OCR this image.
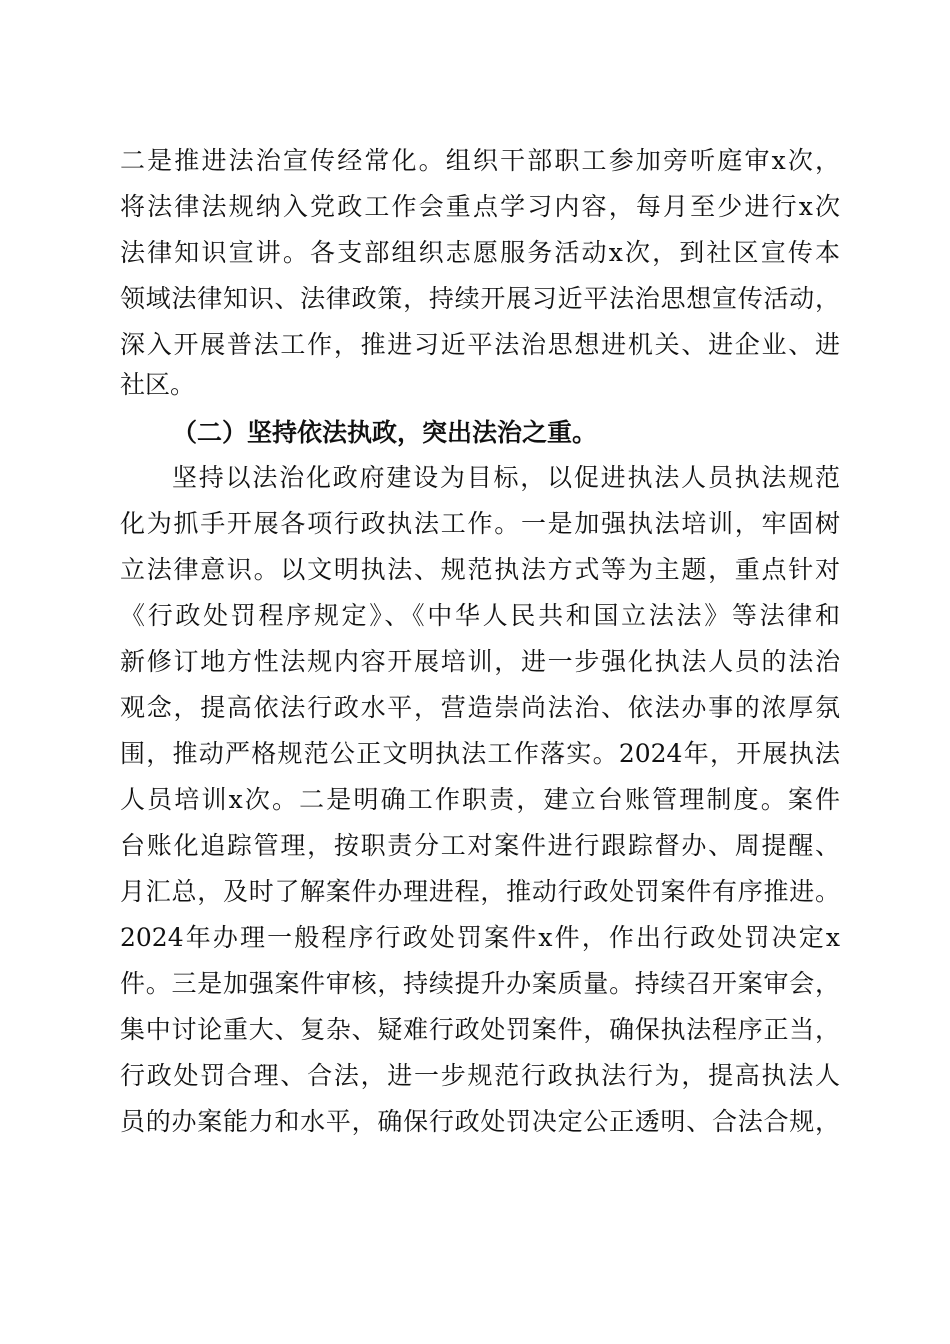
二是推进法治宣传经常化。组织干部职工参加旁听庭审x次，
将法律法规纳入党政工作会重点学习内容，每月至少进行x次
法律知识宣讲。各支部组织志愿服务活动x次，到社区宣传本
领域法律知识、法律政策，持续开展习近平法治思想宣传活动，
深入开展普法工作，推进习近平法治思想进机关、进企业、进
社区。
（二）坚持依法执政，突出法治之重。
坚持以法治化政府建设为目标，以促进执法人员执法规范
化为抓手开展各项行政执法工作。一是加强执法培训，牢固树
立法律意识。以文明执法、规范执法方式等为主题，重点针对
《行政处罚程序规定》、《中华人民共和国立法法》等法律和
新修订地方性法规内容开展培训，进一步强化执法人员的法治
观念，提高依法行政水平，营造崇尚法治、依法办事的浓厚氛
围，推动严格规范公正文明执法工作落实。2024年，开展执法
人员培训x次。二是明确工作职责，建立台账管理制度。案件
台账化追踪管理，按职责分工对案件进行跟踪督办、周提醒、
月汇总，及时了解案件办理进程，推动行政处罚案件有序推进。
2024年办理一般程序行政处罚案件x件，作出行政处罚决定x
件。三是加强案件审核，持续提升办案质量。持续召开案审会，
集中讨论重大、复杂、疑难行政处罚案件，确保执法程序正当，
行政处罚合理、合法，进一步规范行政执法行为，提高执法人
员的办案能力和水平，确保行政处罚决定公正透明、合法合规，
